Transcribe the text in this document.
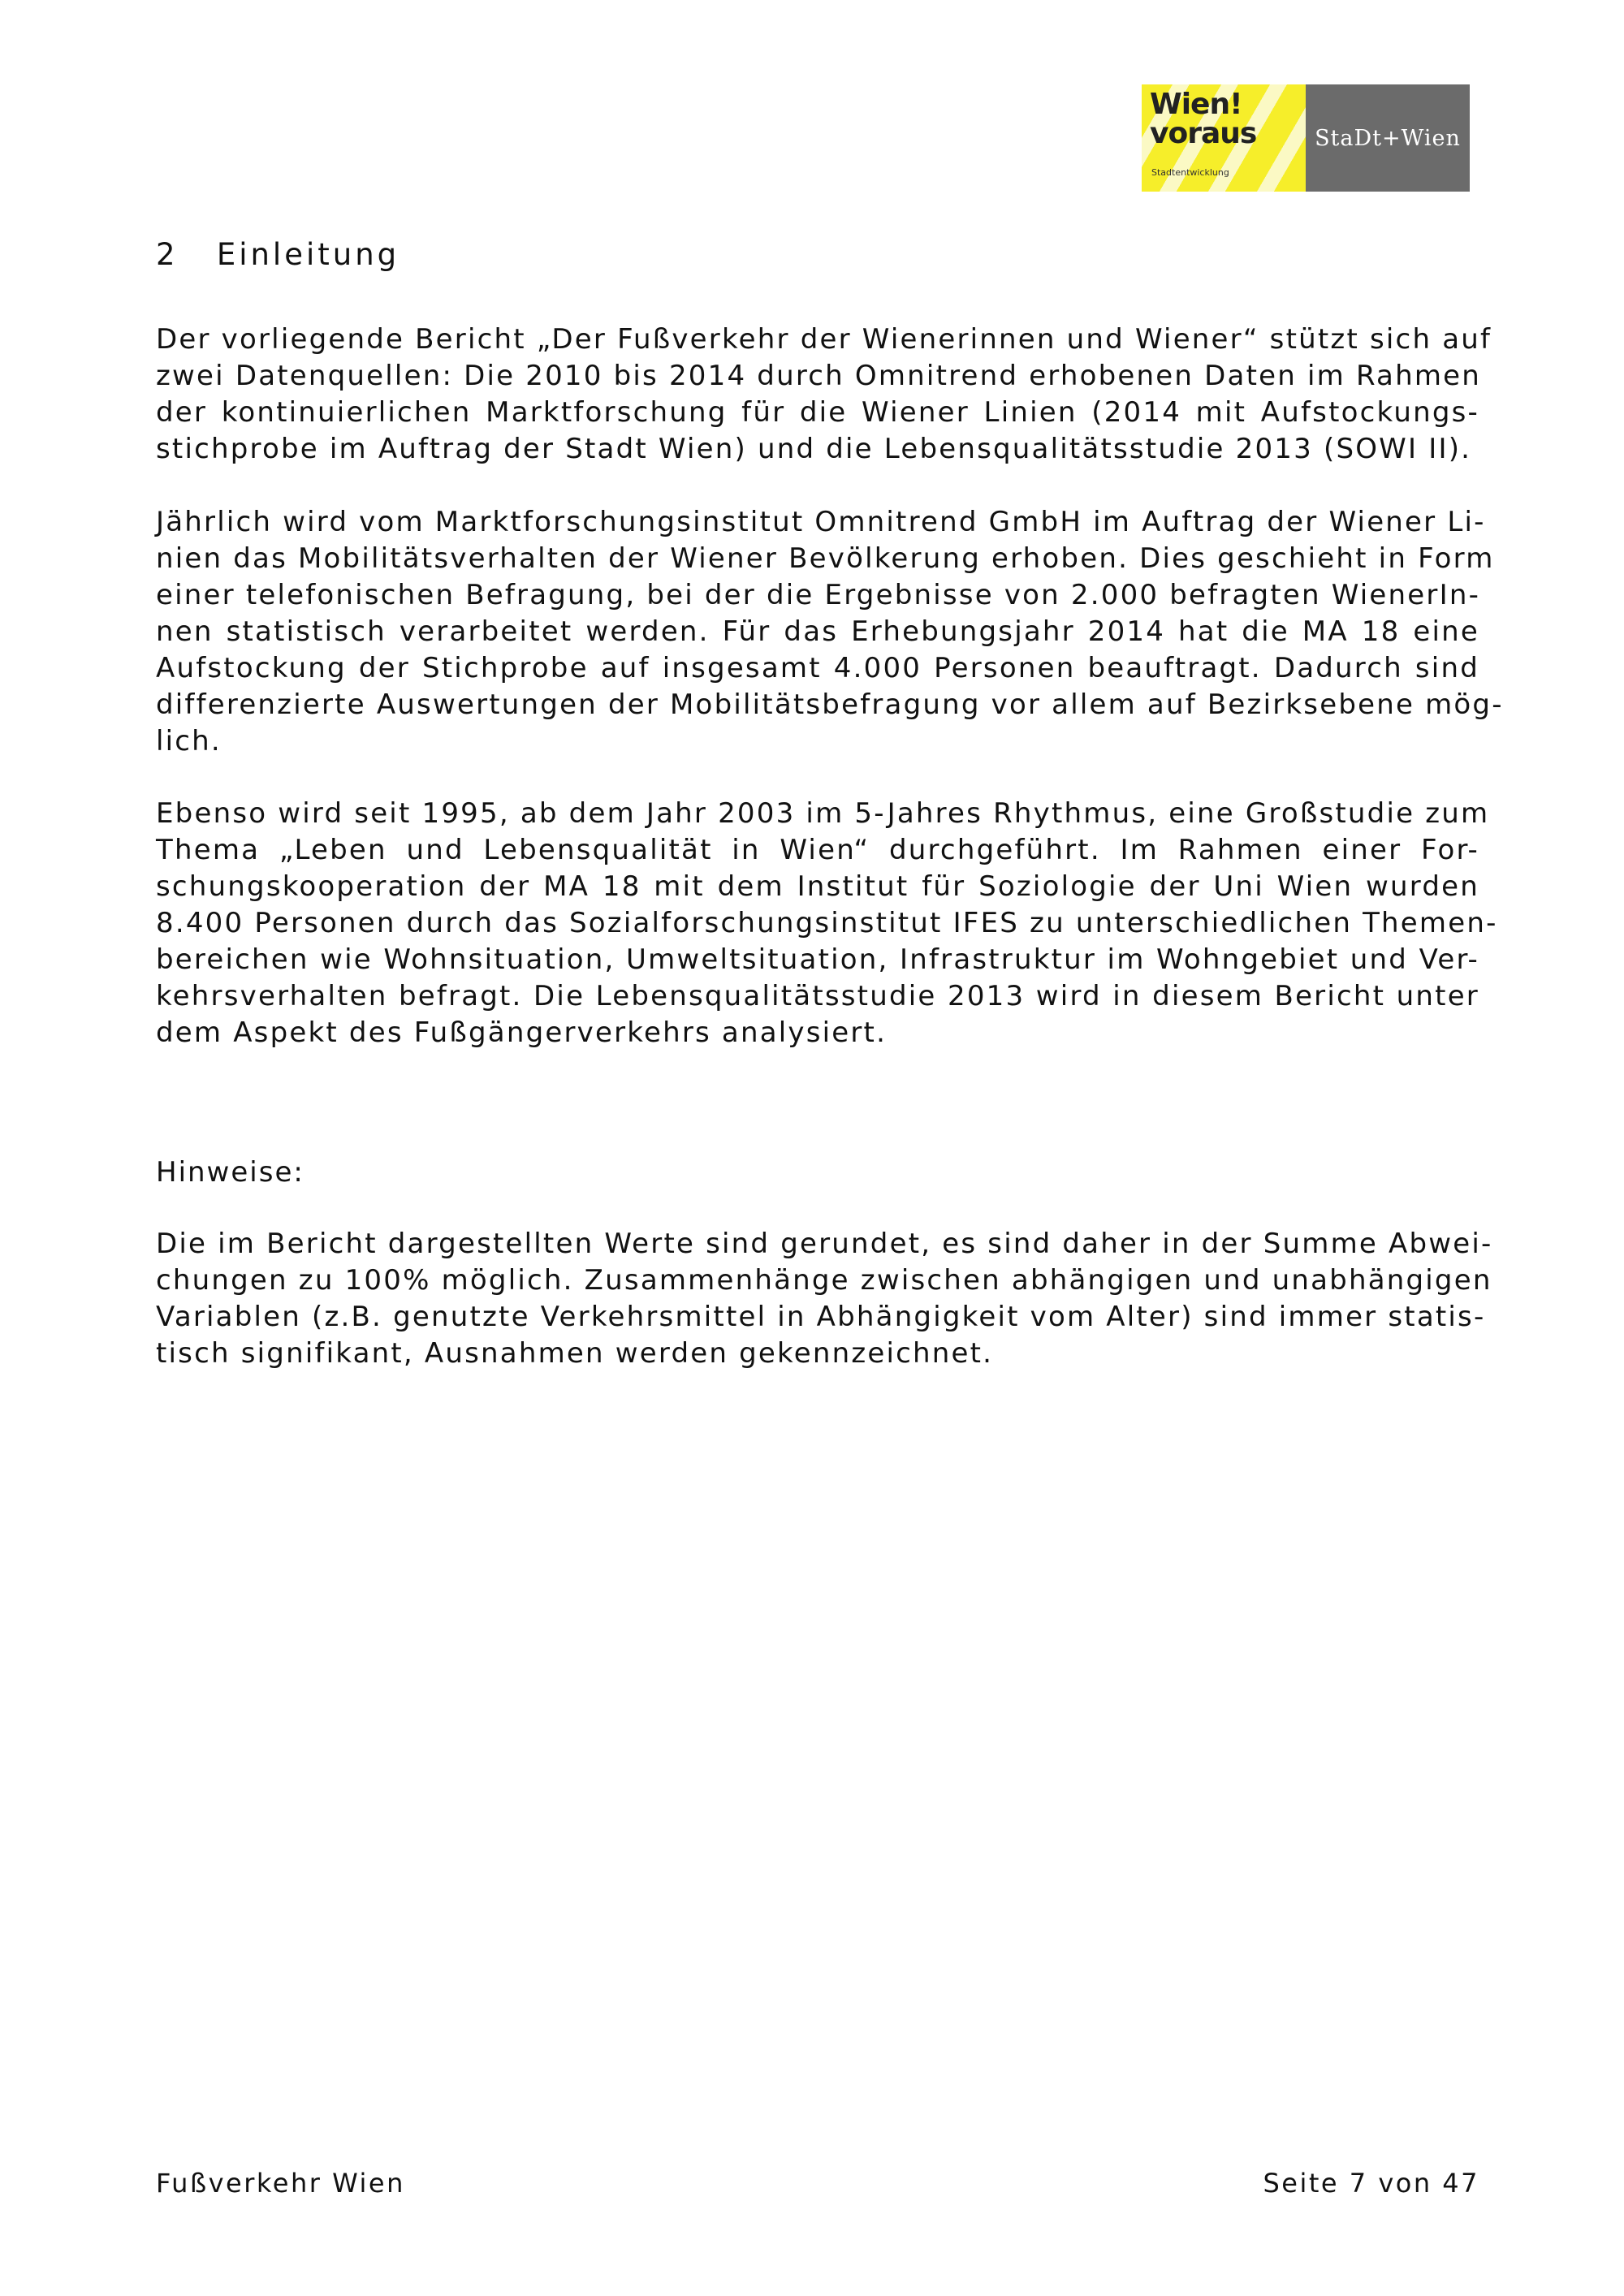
Wien!
voraus
Stadtentwicklung
StaDt+Wien
2   Einleitung
Der vorliegende Bericht „Der Fußverkehr der Wienerinnen und Wiener“ stützt sich auf
zwei Datenquellen: Die 2010 bis 2014 durch Omnitrend erhobenen Daten im Rahmen
der kontinuierlichen Marktforschung für die Wiener Linien (2014 mit Aufstockungs-
stichprobe im Auftrag der Stadt Wien) und die Lebensqualitätsstudie 2013 (SOWI II).
Jährlich wird vom Marktforschungsinstitut Omnitrend GmbH im Auftrag der Wiener Li-
nien das Mobilitätsverhalten der Wiener Bevölkerung erhoben. Dies geschieht in Form
einer telefonischen Befragung, bei der die Ergebnisse von 2.000 befragten WienerIn-
nen statistisch verarbeitet werden. Für das Erhebungsjahr 2014 hat die MA 18 eine
Aufstockung der Stichprobe auf insgesamt 4.000 Personen beauftragt. Dadurch sind
differenzierte Auswertungen der Mobilitätsbefragung vor allem auf Bezirksebene mög-
lich.
Ebenso wird seit 1995, ab dem Jahr 2003 im 5-Jahres Rhythmus, eine Großstudie zum
Thema „Leben und Lebensqualität in Wien“ durchgeführt. Im Rahmen einer For-
schungskooperation der MA 18 mit dem Institut für Soziologie der Uni Wien wurden
8.400 Personen durch das Sozialforschungsinstitut IFES zu unterschiedlichen Themen-
bereichen wie Wohnsituation, Umweltsituation, Infrastruktur im Wohngebiet und Ver-
kehrsverhalten befragt. Die Lebensqualitätsstudie 2013 wird in diesem Bericht unter
dem Aspekt des Fußgängerverkehrs analysiert.
Hinweise:
Die im Bericht dargestellten Werte sind gerundet, es sind daher in der Summe Abwei-
chungen zu 100% möglich. Zusammenhänge zwischen abhängigen und unabhängigen
Variablen (z.B. genutzte Verkehrsmittel in Abhängigkeit vom Alter) sind immer statis-
tisch signifikant, Ausnahmen werden gekennzeichnet.
Fußverkehr Wien	Seite 7 von 47
